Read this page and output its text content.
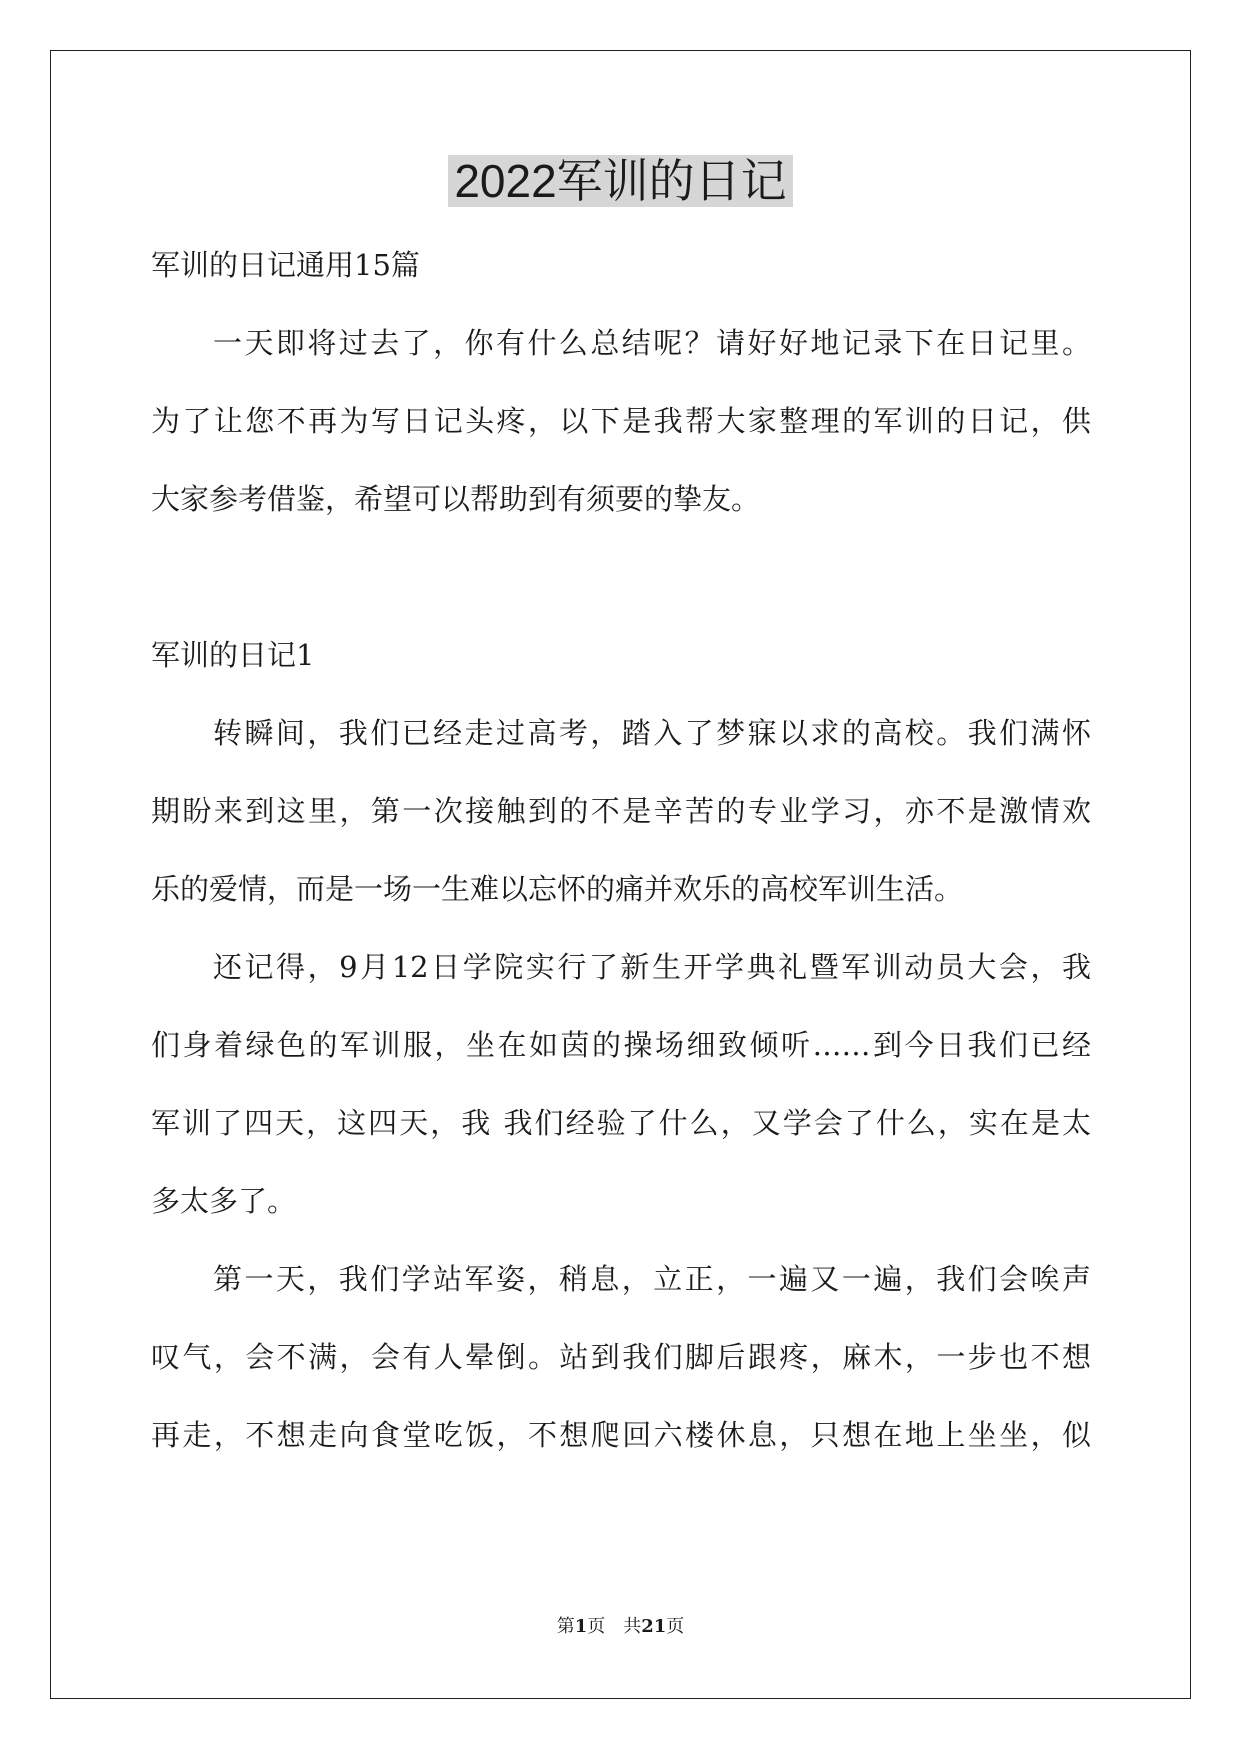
2022军训的日记
军训的日记通用15篇
一天即将过去了，你有什么总结呢？请好好地记录下在日记里。
为了让您不再为写日记头疼，以下是我帮大家整理的军训的日记，供
大家参考借鉴，希望可以帮助到有须要的挚友。
军训的日记1
转瞬间，我们已经走过高考，踏入了梦寐以求的高校。我们满怀
期盼来到这里，第一次接触到的不是辛苦的专业学习，亦不是激情欢
乐的爱情，而是一场一生难以忘怀的痛并欢乐的高校军训生活。
还记得，9月12日学院实行了新生开学典礼暨军训动员大会，我
们身着绿色的军训服，坐在如茵的操场细致倾听……到今日我们已经
军训了四天，这四天，我 我们经验了什么，又学会了什么，实在是太
多太多了。
第一天，我们学站军姿，稍息，立正，一遍又一遍，我们会唉声
叹气，会不满，会有人晕倒。站到我们脚后跟疼，麻木，一步也不想
再走，不想走向食堂吃饭，不想爬回六楼休息，只想在地上坐坐，似
第1页 共21页
